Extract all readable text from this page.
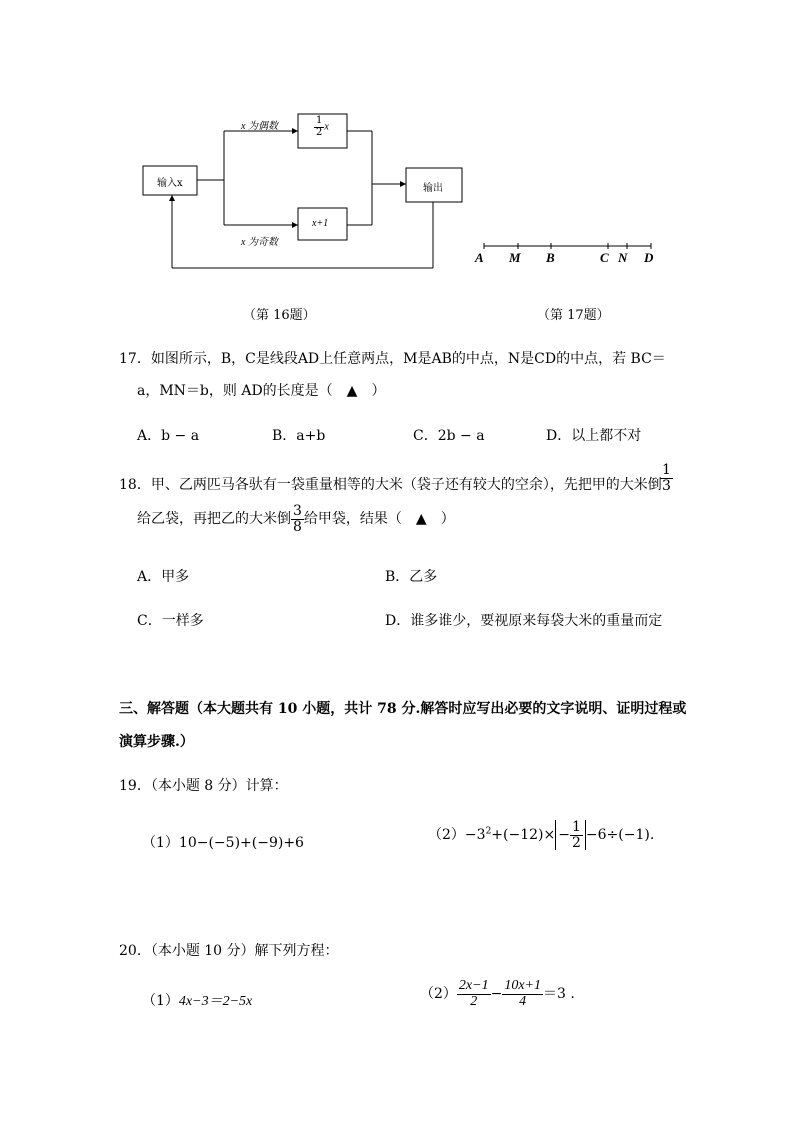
输入x	输出
x 为偶数
x 为奇数
$\frac{1}{2}$ x
x+1
（第 16题）
A M B	C N D
（第 17题）
17．如图所示，B，C是线段AD上任意两点，M是AB的中点，N是CD的中点，若 BC＝
a，MN＝b，则 AD的长度是（　▲　）
A．b − a	B．a+b	C．2b − a	D．以上都不对
18．甲、乙两匹马各驮有一袋重量相等的大米（袋子还有较大的空余），先把甲的大米倒
$\frac{1}{3}$
给乙袋，再把乙的大米倒 $\frac{3}{8}$ 给甲袋，结果（　▲　）
A．甲多	B．乙多
C．一样多	D．谁多谁少，要视原来每袋大米的重量而定
三、解答题（本大题共有 10 小题，共计 78 分.解答时应写出必要的文字说明、证明过程或
演算步骤.）
19．（本小题 8 分）计算：
（1）10−(−5)+(−9)+6	$(2)-3^2+(-12)\times - \frac{1}{2} -6\div(-1)$.
20．（本小题 10 分）解下列方程：
（1）4x−3＝2−5x	$(2) \frac{2x-1}{2} - \frac{10x+1}{4} =3$ .
